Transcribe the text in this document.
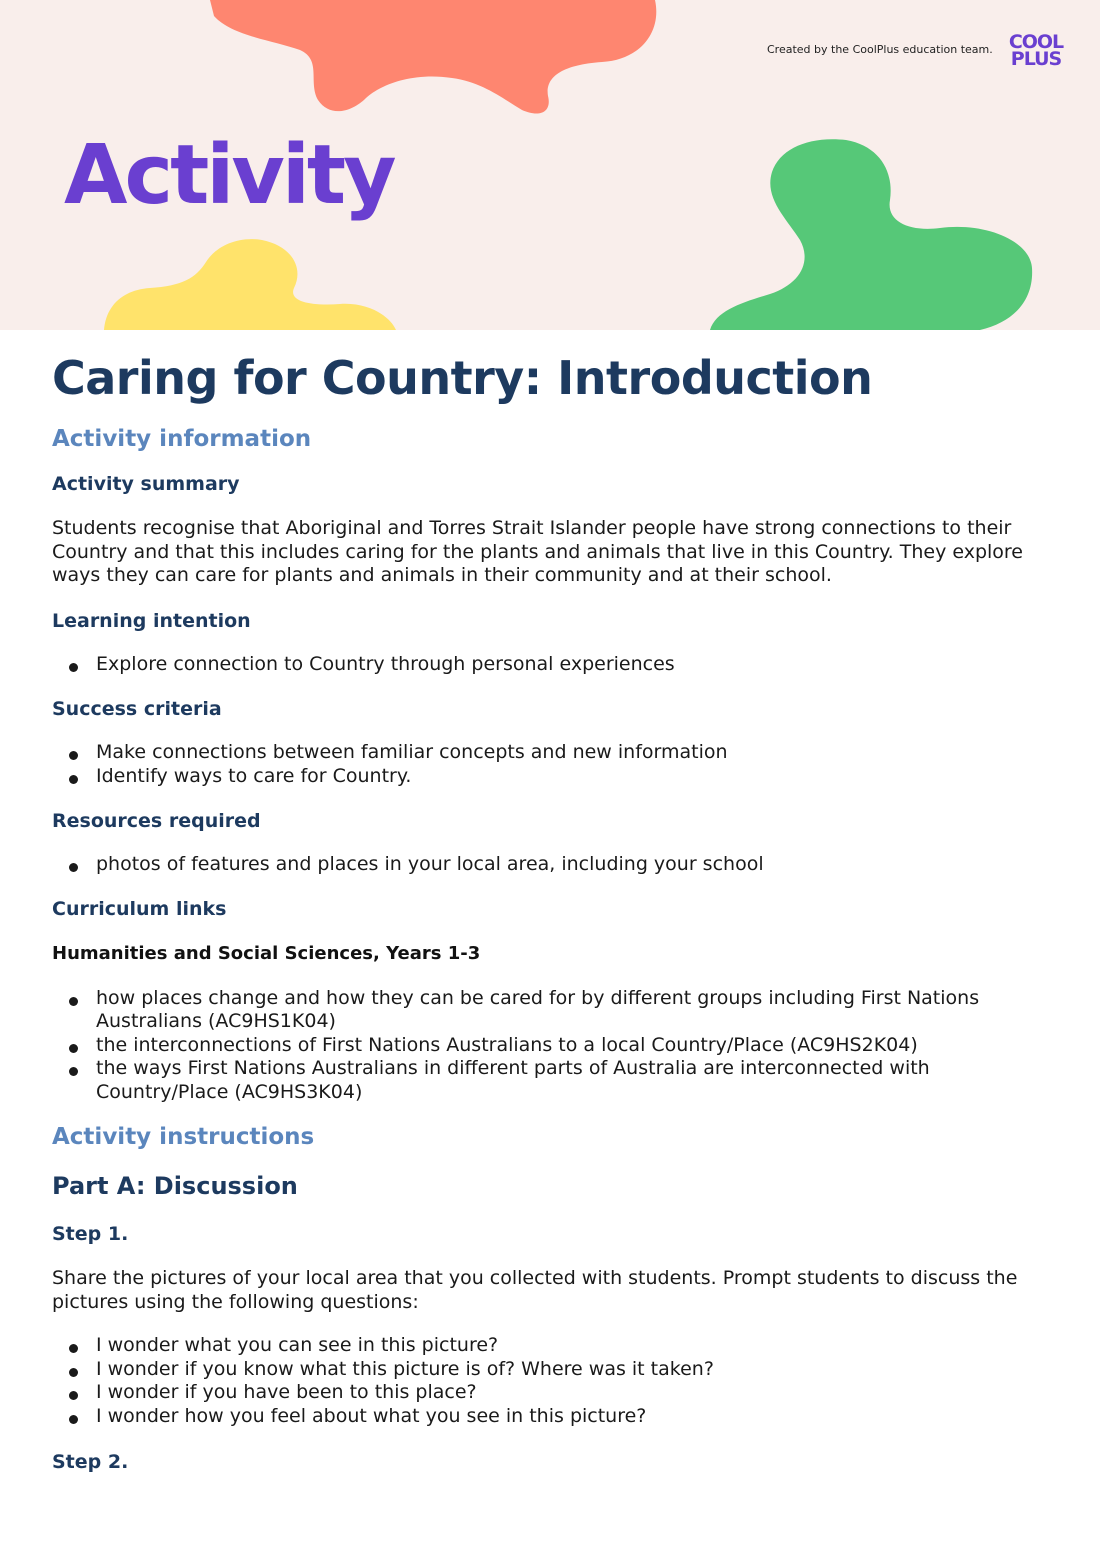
Created by the CoolPlus education team. COOL
PLUS
Activity
Caring for Country: Introduction
Activity information
Activity summary

Students recognise that Aboriginal and Torres Strait Islander people have strong connections to their Country and that this includes caring for the plants and animals that live in this Country. They explore ways they can care for plants and animals in their community and at their school.

Learning intention
Explore connection to Country through personal experiences
Success criteria
Make connections between familiar concepts and new information
Identify ways to care for Country.
Resources required
photos of features and places in your local area, including your school
Curriculum links
Humanities and Social Sciences, Years 1-3
how places change and how they can be cared for by different groups including First Nations Australians (AC9HS1K04)
the interconnections of First Nations Australians to a local Country/Place (AC9HS2K04)
the ways First Nations Australians in different parts of Australia are interconnected with Country/Place (AC9HS3K04)
Activity instructions
Part A: Discussion
Step 1.

Share the pictures of your local area that you collected with students. Prompt students to discuss the pictures using the following questions:

I wonder what you can see in this picture?
I wonder if you know what this picture is of? Where was it taken?
I wonder if you have been to this place?
I wonder how you feel about what you see in this picture?
Step 2.
